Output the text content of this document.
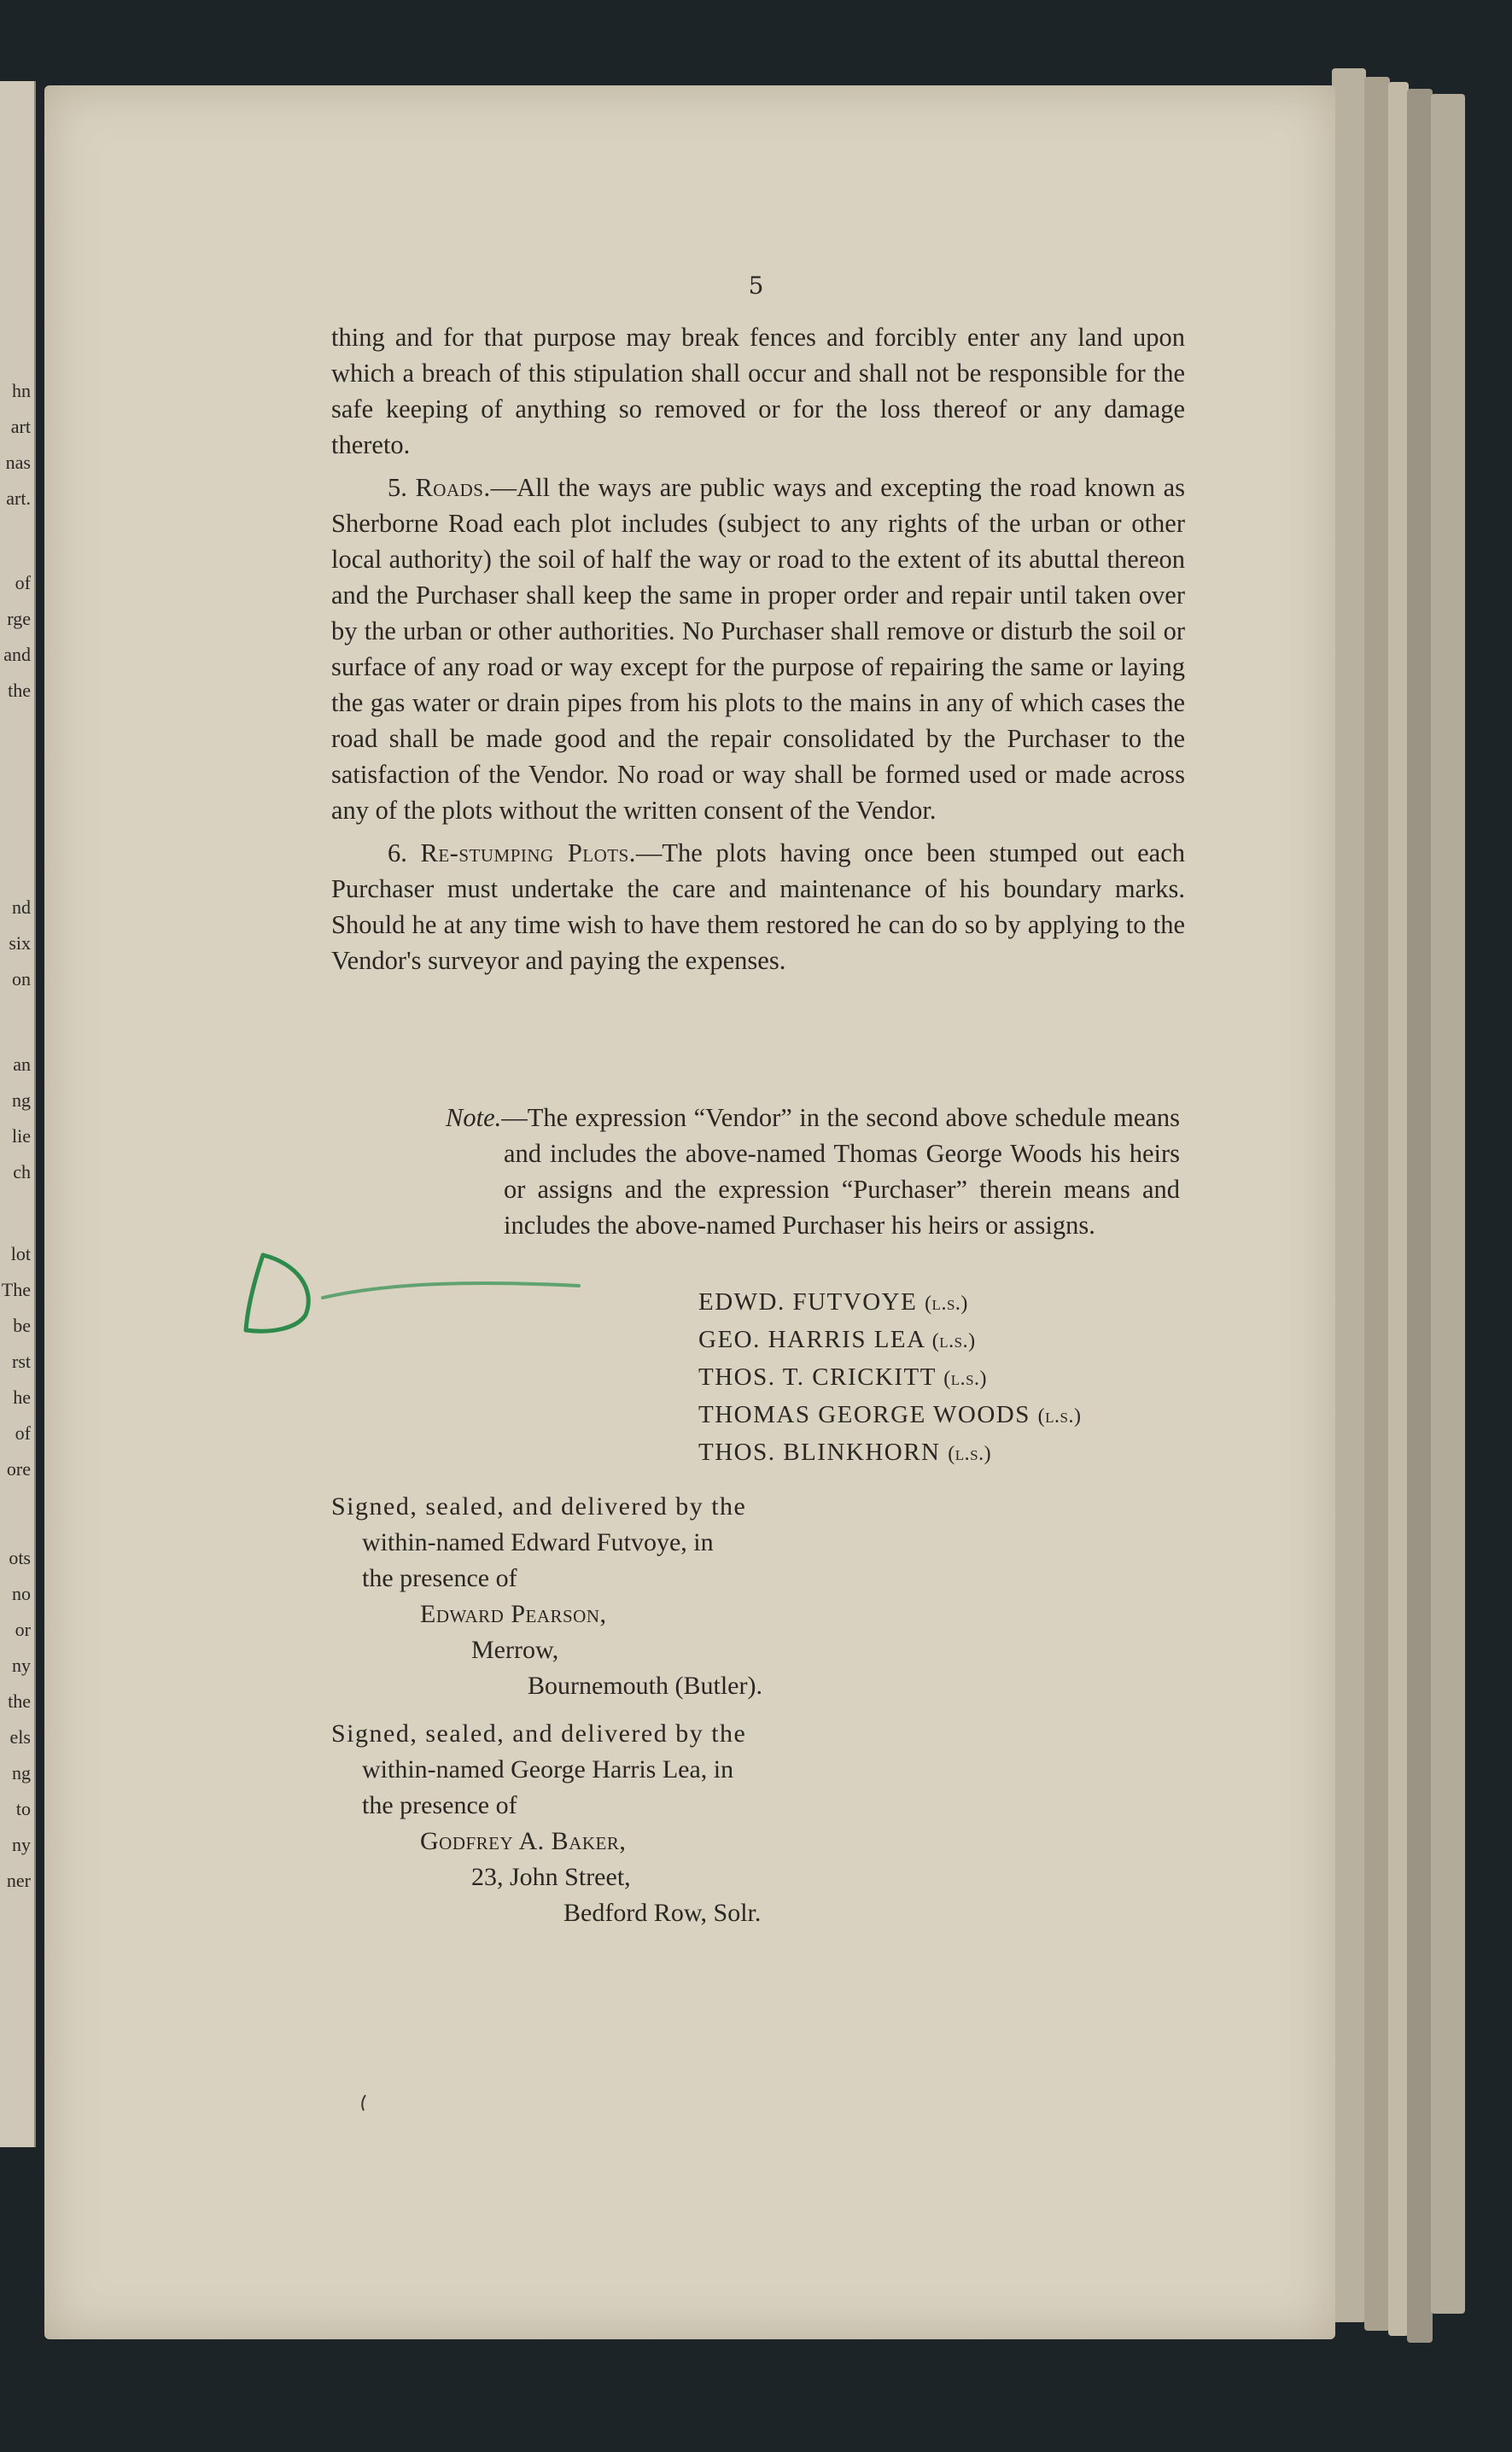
hn
art
nas
art.
of
rge
and
the
nd
six
on
an
ng
lie
ch
lot
The
be
rst
he
of
ore
ots
no
or
ny
the
els
ng
to
ny
ner
5

thing and for that purpose may break fences and forcibly enter any land upon which a breach of this stipulation shall occur and shall not be responsible for the safe keeping of anything so removed or for the loss thereof or any damage thereto.

5. Roads.—All the ways are public ways and excepting the road known as Sherborne Road each plot includes (subject to any rights of the urban or other local authority) the soil of half the way or road to the extent of its abuttal thereon and the Purchaser shall keep the same in proper order and repair until taken over by the urban or other authorities. No Purchaser shall remove or disturb the soil or surface of any road or way except for the purpose of repairing the same or laying the gas water or drain pipes from his plots to the mains in any of which cases the road shall be made good and the repair consolidated by the Purchaser to the satisfaction of the Vendor. No road or way shall be formed used or made across any of the plots without the written consent of the Vendor.

6. Re-stumping Plots.—The plots having once been stumped out each Purchaser must undertake the care and maintenance of his boundary marks. Should he at any time wish to have them restored he can do so by applying to the Vendor's surveyor and paying the expenses.

Note.—The expression “Vendor” in the second above schedule means and includes the above-named Thomas George Woods his heirs or assigns and the expression “Purchaser” therein means and includes the above-named Purchaser his heirs or assigns.
EDWD. FUTVOYE (l.s.)
GEO. HARRIS LEA (l.s.)
THOS. T. CRICKITT (l.s.)
THOMAS GEORGE WOODS (l.s.)
THOS. BLINKHORN (l.s.)
Signed, sealed, and delivered by the
within-named Edward Futvoye, in
the presence of
Edward Pearson,
Merrow,
Bournemouth (Butler).
Signed, sealed, and delivered by the
within-named George Harris Lea, in
the presence of
Godfrey A. Baker,
23, John Street,
Bedford Row, Solr.
